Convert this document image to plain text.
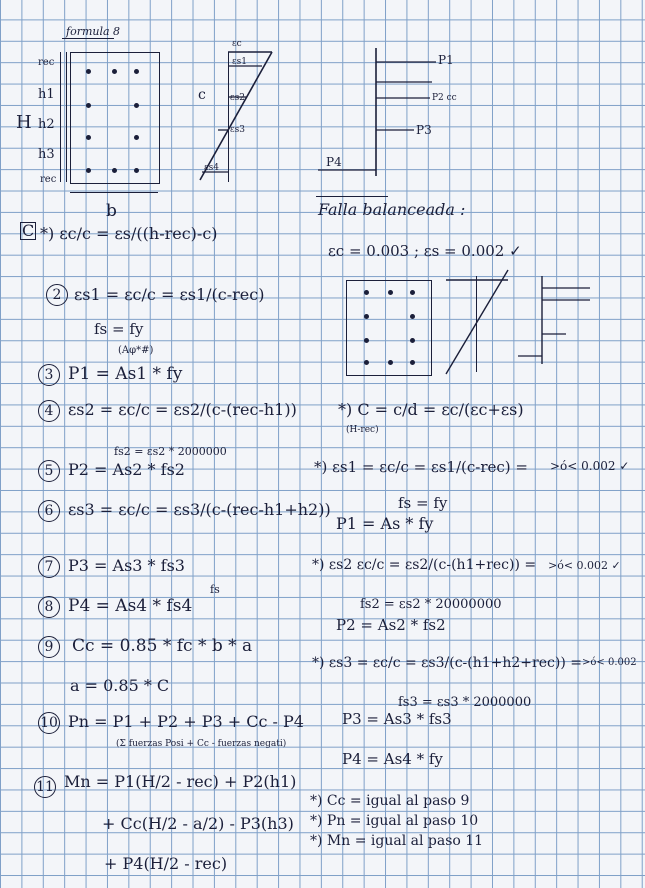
formula 8
H
rec
h1
h2
h3
rec
b
εc
εs1
εs2
εs3
εs4
c
P1
P2 cc
P3
P4
C *) εc/c = εs/((h-rec)-c)
2 εs1 = εc/c = εs1/(c-rec)
fs = fy
(Aφ*#)
3 P1 = As1 * fy
4 εs2 = εc/c = εs2/(c-(rec-h1))
fs2 = εs2 * 2000000
5 P2 = As2 * fs2
6 εs3 = εc/c = εs3/(c-(rec-h1+h2))
7 P3 = As3 * fs3
8 P4 = As4 * fs4
fs
9	Cc = 0.85 * fc * b * a
a = 0.85 * C
10 Pn = P1 + P2 + P3 + Cc - P4
(Σ fuerzas Posi + Cc - fuerzas negati)
11 Mn = P1(H/2 - rec) + P2(h1)
+ Cc(H/2 - a/2) - P3(h3)
+ P4(H/2 - rec)
Falla balanceada :
εc = 0.003 ; εs = 0.002 ✓
*) C = c/d = εc/(εc+εs)
(H-rec)
*) εs1 = εc/c = εs1/(c-rec) = >ó< 0.002 ✓
fs = fy
P1 = As * fy
*) εs2 εc/c = εs2/(c-(h1+rec)) = >ó< 0.002 ✓
fs2 = εs2 * 20000000
P2 = As2 * fs2
*) εs3 = εc/c = εs3/(c-(h1+h2+rec)) = >ó< 0.002
fs3 = εs3 * 2000000
P3 = As3 * fs3
P4 = As4 * fy
*) Cc = igual al paso 9
*) Pn = igual al paso 10
*) Mn = igual al paso 11
